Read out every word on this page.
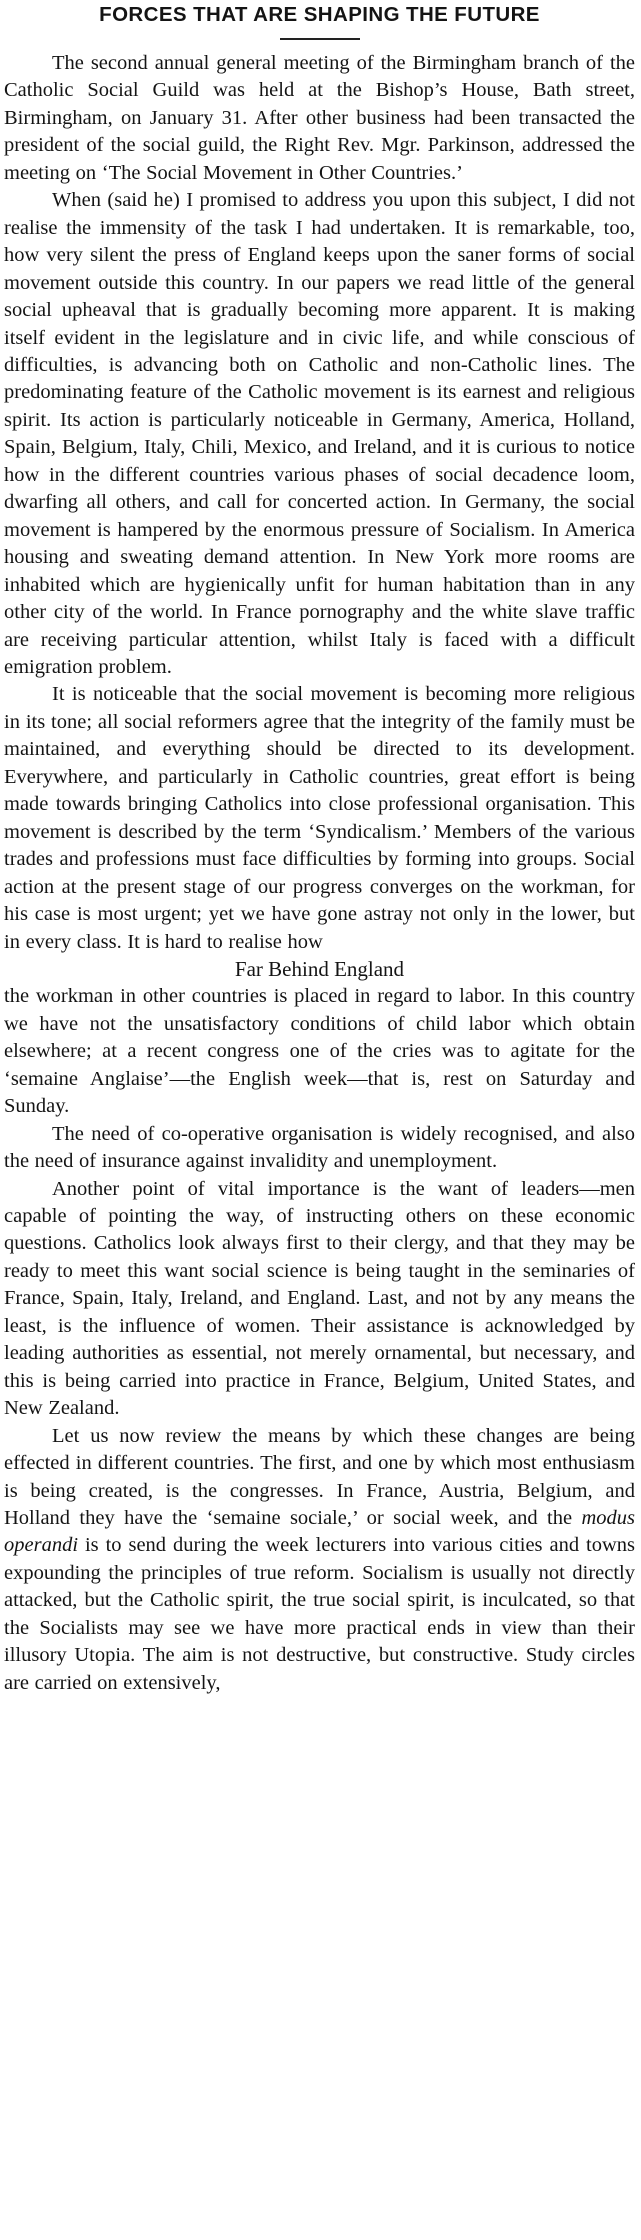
FORCES THAT ARE SHAPING THE FUTURE

The second annual general meeting of the Birmingham branch of the Catholic Social Guild was held at the Bishop’s House, Bath street, Birmingham, on January 31. After other business had been transacted the president of the social guild, the Right Rev. Mgr. Parkinson, addressed the meeting on ‘The Social Movement in Other Countries.’

When (said he) I promised to address you upon this subject, I did not realise the immensity of the task I had undertaken. It is remarkable, too, how very silent the press of England keeps upon the saner forms of social movement outside this country. In our papers we read little of the general social upheaval that is gradually becoming more apparent. It is making itself evident in the legislature and in civic life, and while conscious of difficulties, is advancing both on Catholic and non-Catholic lines. The predominating feature of the Catholic movement is its earnest and religious spirit. Its action is particularly noticeable in Germany, America, Holland, Spain, Belgium, Italy, Chili, Mexico, and Ireland, and it is curious to notice how in the different countries various phases of social decadence loom, dwarfing all others, and call for concerted action. In Germany, the social movement is hampered by the enormous pressure of Socialism. In America housing and sweating demand attention. In New York more rooms are inhabited which are hygienically unfit for human habitation than in any other city of the world. In France pornography and the white slave traffic are receiving particular attention, whilst Italy is faced with a difficult emigration problem.

It is noticeable that the social movement is becoming more religious in its tone; all social reformers agree that the integrity of the family must be maintained, and everything should be directed to its development. Everywhere, and particularly in Catholic countries, great effort is being made towards bringing Catholics into close professional organisation. This movement is described by the term ‘Syndicalism.’ Members of the various trades and professions must face difficulties by forming into groups. Social action at the present stage of our progress converges on the workman, for his case is most urgent; yet we have gone astray not only in the lower, but in every class. It is hard to realise how

Far Behind England

the workman in other countries is placed in regard to labor. In this country we have not the unsatisfactory conditions of child labor which obtain elsewhere; at a recent congress one of the cries was to agitate for the ‘semaine Anglaise’—the English week—that is, rest on Saturday and Sunday.

The need of co-operative organisation is widely recognised, and also the need of insurance against invalidity and unemployment.

Another point of vital importance is the want of leaders—men capable of pointing the way, of instructing others on these economic questions. Catholics look always first to their clergy, and that they may be ready to meet this want social science is being taught in the seminaries of France, Spain, Italy, Ireland, and England. Last, and not by any means the least, is the influence of women. Their assistance is acknowledged by leading authorities as essential, not merely ornamental, but necessary, and this is being carried into practice in France, Belgium, United States, and New Zealand.

Let us now review the means by which these changes are being effected in different countries. The first, and one by which most enthusiasm is being created, is the congresses. In France, Austria, Belgium, and Holland they have the ‘semaine sociale,’ or social week, and the modus operandi is to send during the week lecturers into various cities and towns expounding the principles of true reform. Socialism is usually not directly attacked, but the Catholic spirit, the true social spirit, is inculcated, so that the Socialists may see we have more practical ends in view than their illusory Utopia. The aim is not destructive, but constructive. Study circles are carried on extensively,
